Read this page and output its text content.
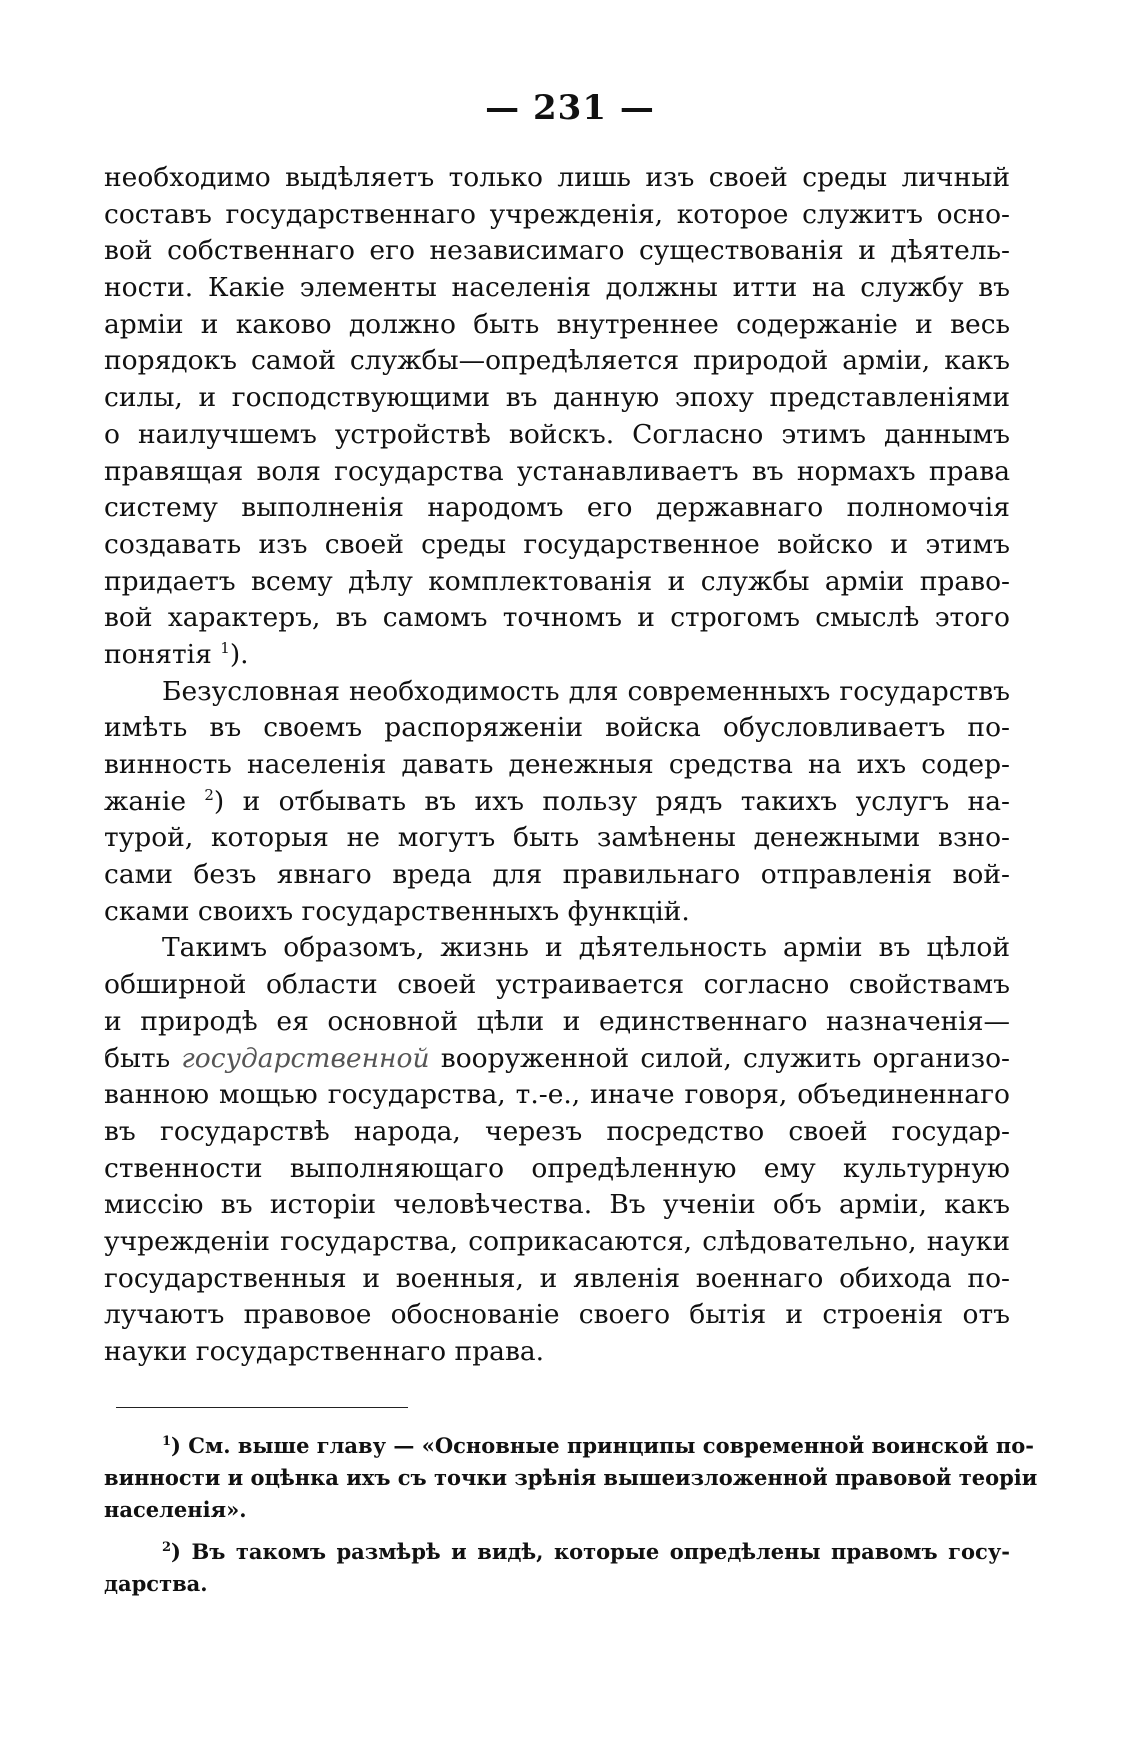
— 231 —
необходимо выдѣляетъ только лишь изъ своей среды личный
составъ государственнаго учрежденія, которое служитъ осно-
вой собственнаго его независимаго существованія и дѣятель-
ности. Какіе элементы населенія должны итти на службу въ
арміи и каково должно быть внутреннее содержаніе и весь
порядокъ самой службы—опредѣляется природой арміи, какъ
силы, и господствующими въ данную эпоху представленіями
о наилучшемъ устройствѣ войскъ. Согласно этимъ даннымъ
правящая воля государства устанавливаетъ въ нормахъ права
систему выполненія народомъ его державнаго полномочія
создавать изъ своей среды государственное войско и этимъ
придаетъ всему дѣлу комплектованія и службы арміи право-
вой характеръ, въ самомъ точномъ и строгомъ смыслѣ этого
понятія $^1$).
Безусловная необходимость для современныхъ государствъ
имѣть въ своемъ распоряженіи войска обусловливаетъ по-
винность населенія давать денежныя средства на ихъ содер-
жаніе $^2$) и отбывать въ ихъ пользу рядъ такихъ услугъ на-
турой, которыя не могутъ быть замѣнены денежными взно-
сами безъ явнаго вреда для правильнаго отправленія вой-
сками своихъ государственныхъ функцій.
Такимъ образомъ, жизнь и дѣятельность арміи въ цѣлой
обширной области своей устраивается согласно свойствамъ
и природѣ ея основной цѣли и единственнаго назначенія—
быть государственной вооруженной силой, служить организо-
ванною мощью государства, т.-е., иначе говоря, объединеннаго
въ государствѣ народа, черезъ посредство своей государ-
ственности выполняющаго опредѣленную ему культурную
миссію въ исторіи человѣчества. Въ ученіи объ арміи, какъ
учрежденіи государства, соприкасаются, слѣдовательно, науки
государственныя и военныя, и явленія военнаго обихода по-
лучаютъ правовое обоснованіе своего бытія и строенія отъ
науки государственнаго права.
$^1$) См. выше главу — «Основные принципы современной воинской по-
винности и оцѣнка ихъ съ точки зрѣнія вышеизложенной правовой теоріи
населенія».
$^2$) Въ такомъ размѣрѣ и видѣ, которые опредѣлены правомъ госу-
дарства.
